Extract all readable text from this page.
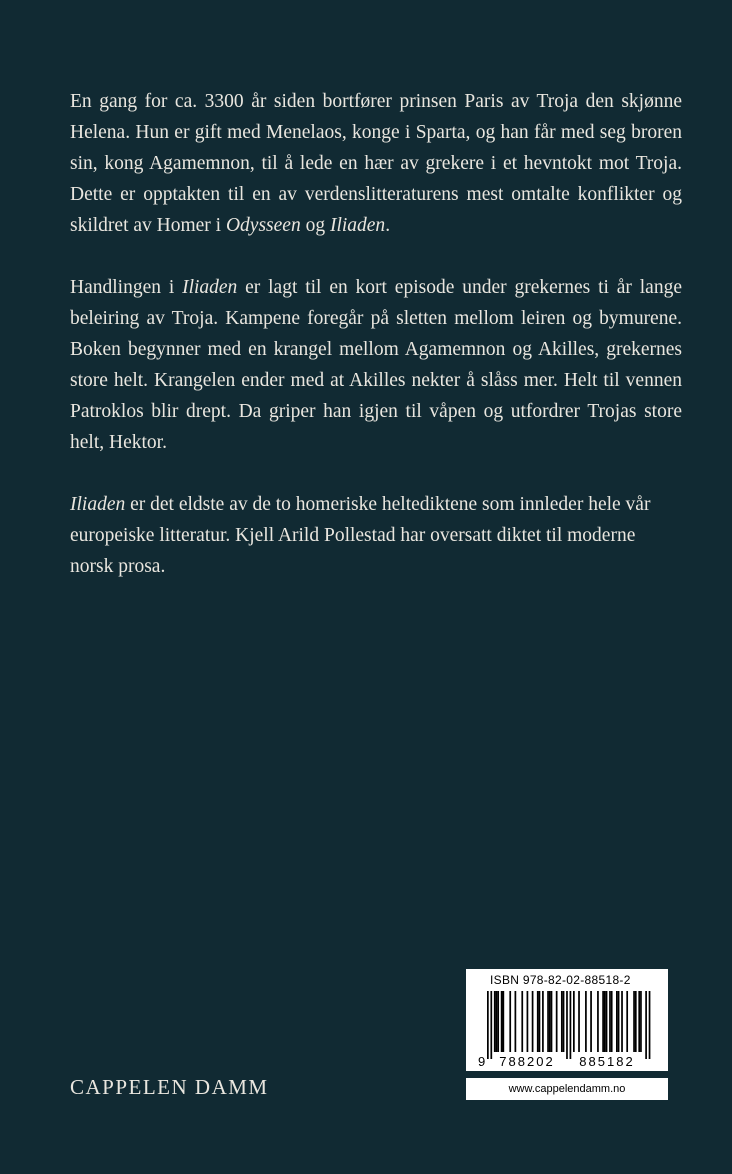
En gang for ca. 3300 år siden bortfører prinsen Paris av Troja den skjønne Helena. Hun er gift med Menelaos, konge i Sparta, og han får med seg broren sin, kong Agamemnon, til å lede en hær av grekere i et hevntokt mot Troja. Dette er opptakten til en av verdenslitteraturens mest omtalte konflikter og skildret av Homer i Odysseen og Iliaden.

Handlingen i Iliaden er lagt til en kort episode under grekernes ti år lange beleiring av Troja. Kampene foregår på sletten mellom leiren og bymurene. Boken begynner med en krangel mellom Agamemnon og Akilles, grekernes store helt. Krangelen ender med at Akilles nekter å slåss mer. Helt til vennen Patroklos blir drept. Da griper han igjen til våpen og utfordrer Trojas store helt, Hektor.

Iliaden er det eldste av de to homeriske heltediktene som innleder hele vår europeiske litteratur. Kjell Arild Pollestad har oversatt diktet til moderne norsk prosa.

CAPPELEN DAMM
9 788202 885182
ISBN 978-82-02-88518-2
www.cappelendamm.no
